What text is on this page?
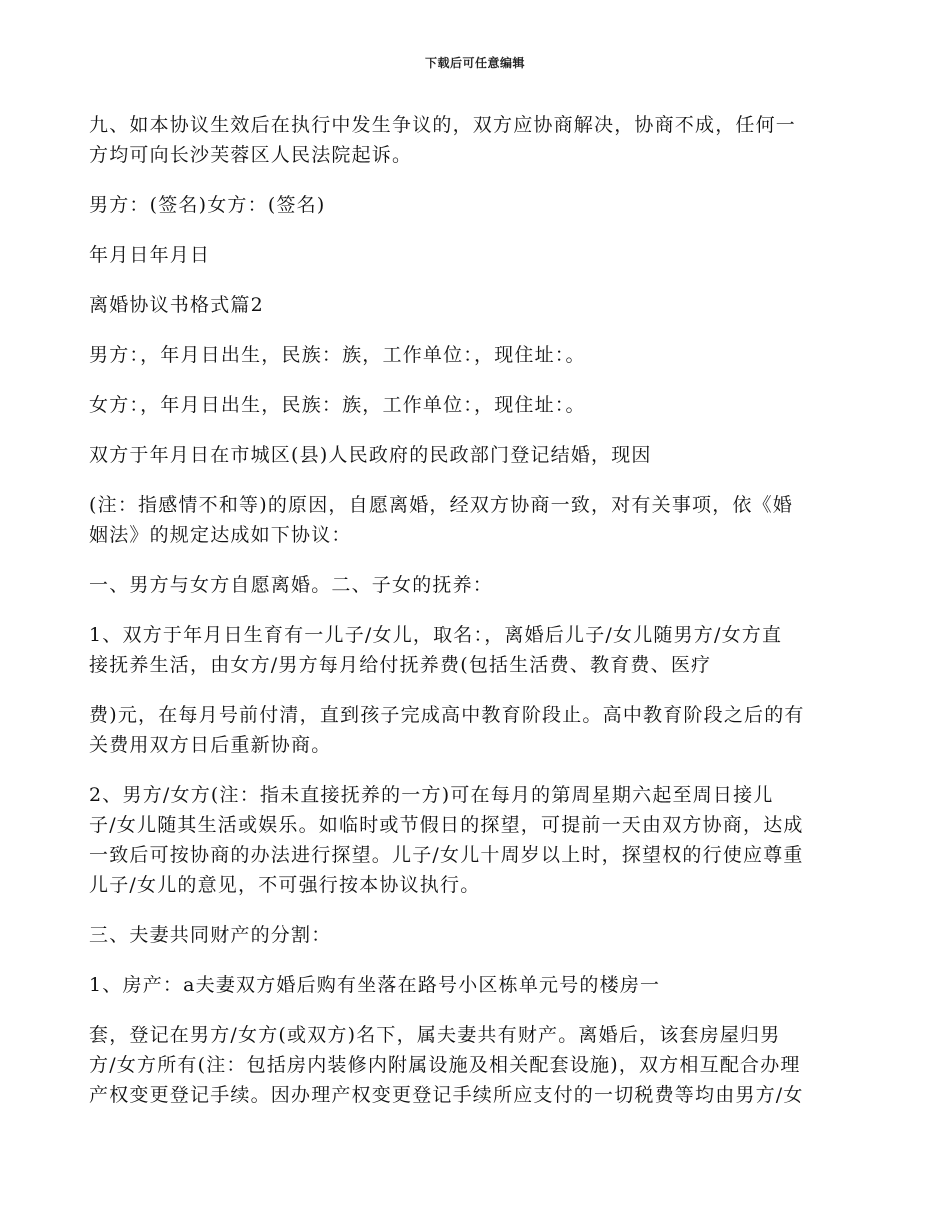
下载后可任意编辑

九、如本协议生效后在执行中发生争议的，双方应协商解决，协商不成，任何一
方均可向长沙芙蓉区人民法院起诉。

男方：(签名)女方：(签名)

年月日年月日

离婚协议书格式篇2

男方：，年月日出生，民族：族，工作单位：，现住址：。

女方：，年月日出生，民族：族，工作单位：，现住址：。

双方于年月日在市城区(县)人民政府的民政部门登记结婚，现因

(注：指感情不和等)的原因，自愿离婚，经双方协商一致，对有关事项，依《婚
姻法》的规定达成如下协议：

一、男方与女方自愿离婚。二、子女的抚养：

1、双方于年月日生育有一儿子/女儿，取名：，离婚后儿子/女儿随男方/女方直
接抚养生活，由女方/男方每月给付抚养费(包括生活费、教育费、医疗

费)元，在每月号前付清，直到孩子完成高中教育阶段止。高中教育阶段之后的有
关费用双方日后重新协商。

2、男方/女方(注：指未直接抚养的一方)可在每月的第周星期六起至周日接儿
子/女儿随其生活或娱乐。如临时或节假日的探望，可提前一天由双方协商，达成
一致后可按协商的办法进行探望。儿子/女儿十周岁以上时，探望权的行使应尊重
儿子/女儿的意见，不可强行按本协议执行。

三、夫妻共同财产的分割：

1、房产：a夫妻双方婚后购有坐落在路号小区栋单元号的楼房一

套，登记在男方/女方(或双方)名下，属夫妻共有财产。离婚后，该套房屋归男
方/女方所有(注：包括房内装修内附属设施及相关配套设施)，双方相互配合办理
产权变更登记手续。因办理产权变更登记手续所应支付的一切税费等均由男方/女
